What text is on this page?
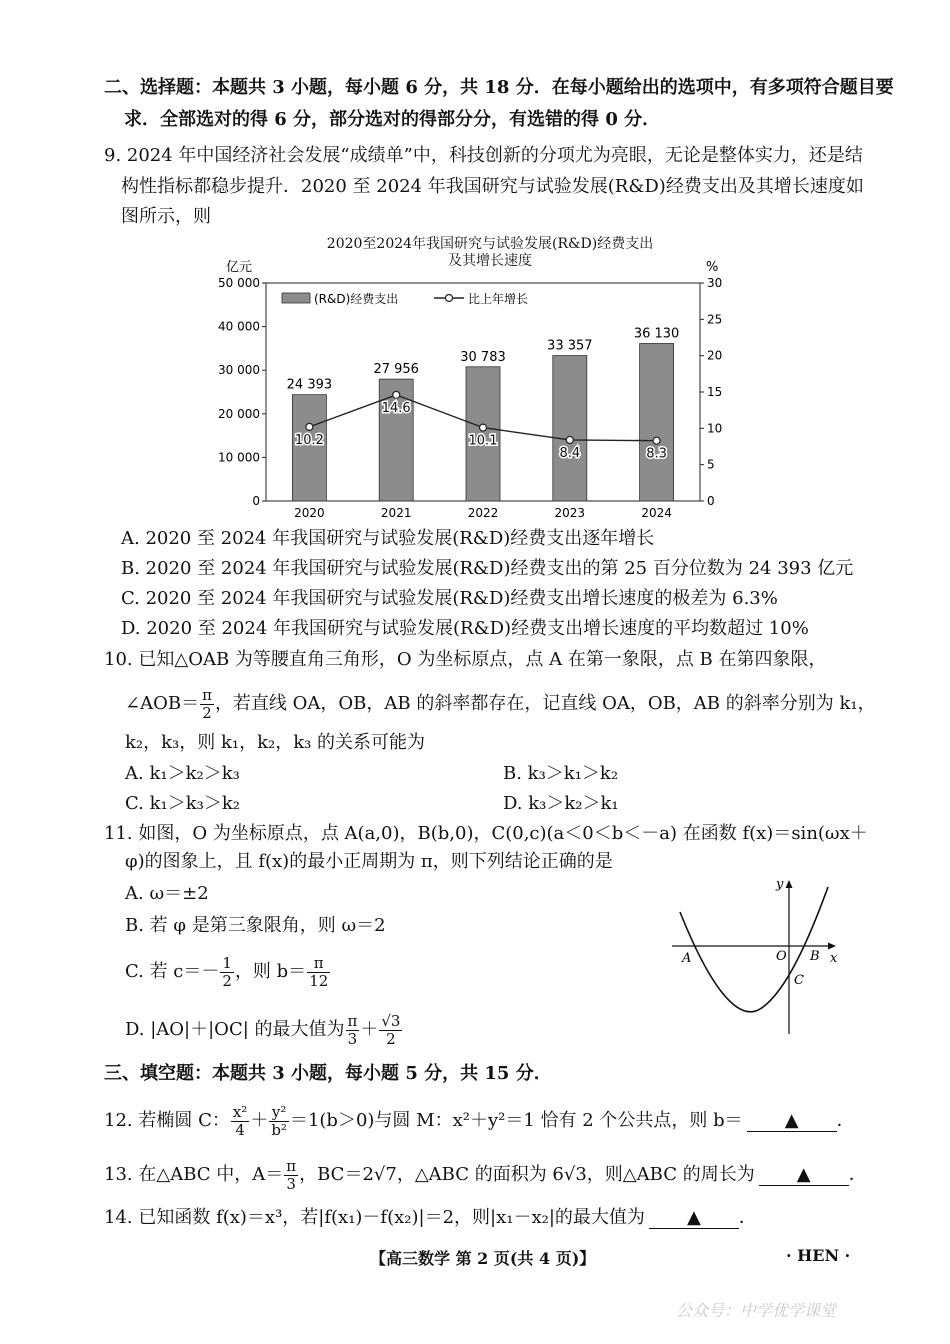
二、选择题：本题共 3 小题，每小题 6 分，共 18 分．在每小题给出的选项中，有多项符合题目要
求．全部选对的得 6 分，部分选对的得部分分，有选错的得 0 分．
9. 2024 年中国经济社会发展“成绩单”中，科技创新的分项尤为亮眼，无论是整体实力，还是结
构性指标都稳步提升．2020 至 2024 年我国研究与试验发展(R&D)经费支出及其增长速度如
图所示，则
2020至2024年我国研究与试验发展(R&D)经费支出
及其增长速度
0
10 000
20 000
30 000
40 000
50 000
0
5
10
15
20
25
30
亿元	%
24 393
2020
27 956
2021
30 783
2022
33 357
2023
36 130
2024
10.2
14.6
10.1
8.4	8.3
(R&D)经费支出	比上年增长
A. 2020 至 2024 年我国研究与试验发展(R&D)经费支出逐年增长
B. 2020 至 2024 年我国研究与试验发展(R&D)经费支出的第 25 百分位数为 24 393 亿元
C. 2020 至 2024 年我国研究与试验发展(R&D)经费支出增长速度的极差为 6.3%
D. 2020 至 2024 年我国研究与试验发展(R&D)经费支出增长速度的平均数超过 10%
10. 已知△OAB 为等腰直角三角形，O 为坐标原点，点 A 在第一象限，点 B 在第四象限，
∠AOB＝ $\frac{\pi}{2}$ ，若直线 OA，OB，AB 的斜率都存在，记直线 OA，OB，AB 的斜率分别为 k₁，
k₂，k₃，则 k₁，k₂，k₃ 的关系可能为
A. k₁＞k₂＞k₃	B. k₃＞k₁＞k₂
C. k₁＞k₃＞k₂	D. k₃＞k₂＞k₁
11. 如图，O 为坐标原点，点 A(a,0)，B(b,0)，C(0,c)(a＜0＜b＜－a) 在函数 f(x)＝sin(ωx＋
φ)的图象上，且 f(x)的最小正周期为 π，则下列结论正确的是
A. ω＝±2
B. 若 φ 是第三象限角，则 ω＝2
C. 若 $c=- \frac{1}{2}$ ，则 $b= \frac{\pi}{12}$
D. |AO|＋|OC| 的最大值为 $\frac{\pi}{3} + \frac{√3}{2}$
y
x
A	O B
C
三、填空题：本题共 3 小题，每小题 5 分，共 15 分．
12. 若椭圆 C： $\frac{\text{x²}}{4} + \frac{\text{y²}}{\text{b²}} =1(b>0)$与圆 M：x²＋y²＝1 恰有 2 个公共点，则 b＝ ▲ ．
13. 在△ABC 中，$A= \frac{\pi}{3}$ ，BC＝2√7，△ABC 的面积为 6√3，则△ABC 的周长为 ▲ ．
14. 已知函数 f(x)＝x³，若|f(x₁)－f(x₂)|＝2，则|x₁－x₂|的最大值为 ▲ ．
【高三数学 第 2 页(共 4 页)】	· HEN ·
公众号：中学优学课堂
